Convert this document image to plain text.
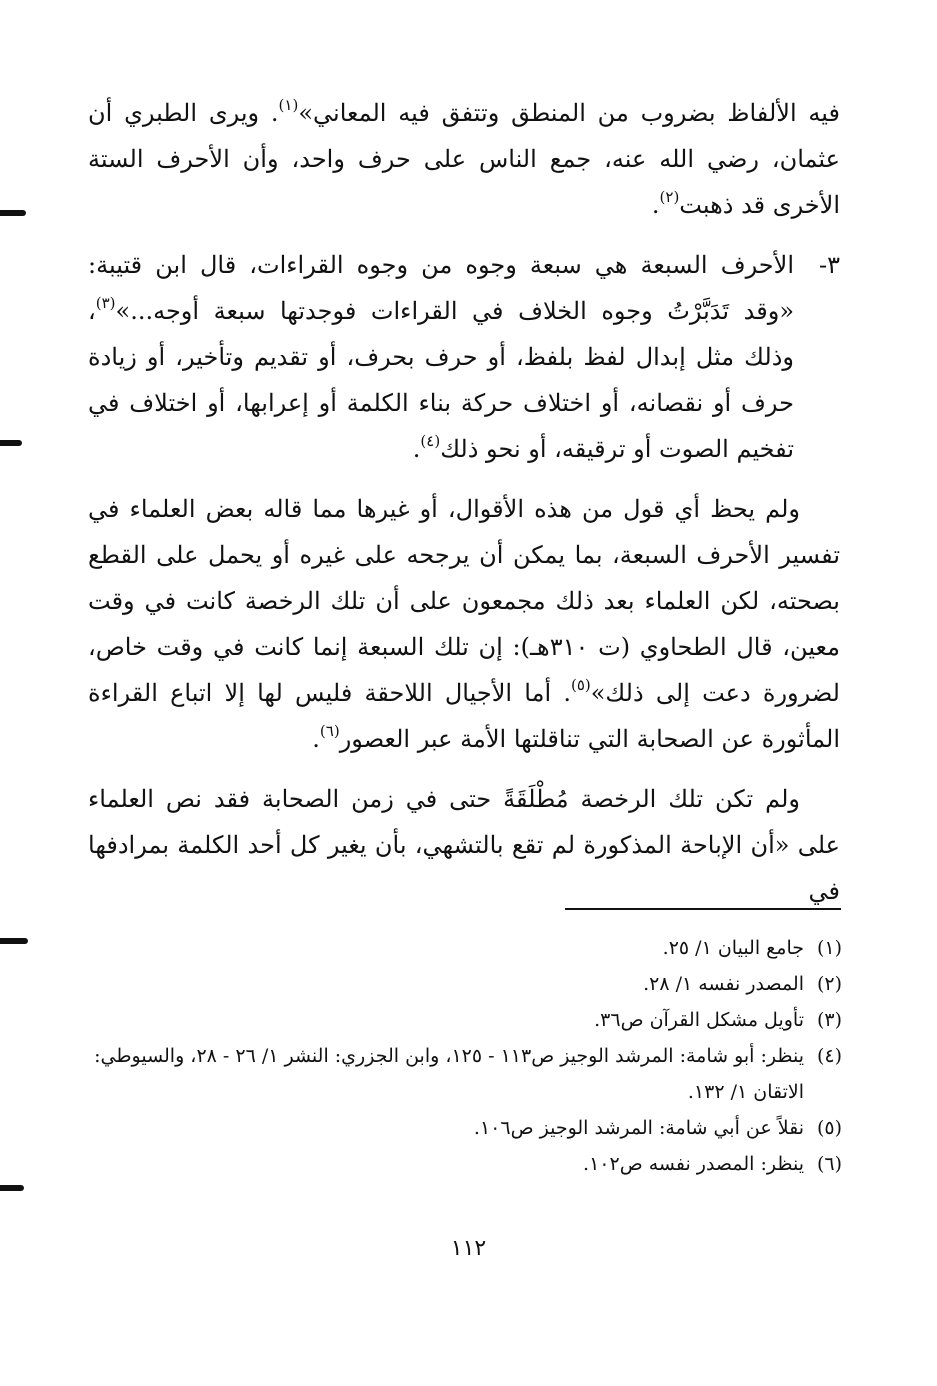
فيه الألفاظ بضروب من المنطق وتتفق فيه المعاني»$^{(١)}$. ويرى الطبري أن عثمان، رضي الله عنه، جمع الناس على حرف واحد، وأن الأحرف الستة الأخرى قد ذهبت$^{(٢)}$.

٣-
الأحرف السبعة هي سبعة وجوه من وجوه القراءات، قال ابن قتيبة: «وقد تَدَبَّرْتُ وجوه الخلاف في القراءات فوجدتها سبعة أوجه...»$^{(٣)}$، وذلك مثل إبدال لفظ بلفظ، أو حرف بحرف، أو تقديم وتأخير، أو زيادة حرف أو نقصانه، أو اختلاف حركة بناء الكلمة أو إعرابها، أو اختلاف في تفخيم الصوت أو ترقيقه، أو نحو ذلك$^{(٤)}$.

ولم يحظ أي قول من هذه الأقوال، أو غيرها مما قاله بعض العلماء في تفسير الأحرف السبعة، بما يمكن أن يرجحه على غيره أو يحمل على القطع بصحته، لكن العلماء بعد ذلك مجمعون على أن تلك الرخصة كانت في وقت معين، قال الطحاوي (ت ٣١٠هـ): إن تلك السبعة إنما كانت في وقت خاص، لضرورة دعت إلى ذلك»$^{(٥)}$. أما الأجيال اللاحقة فليس لها إلا اتباع القراءة المأثورة عن الصحابة التي تناقلتها الأمة عبر العصور$^{(٦)}$.

ولم تكن تلك الرخصة مُطْلَقَةً حتى في زمن الصحابة فقد نص العلماء على «أن الإباحة المذكورة لم تقع بالتشهي، بأن يغير كل أحد الكلمة بمرادفها في

(١)
جامع البيان ١/ ٢٥.
(٢)
المصدر نفسه ١/ ٢٨.
(٣)
تأويل مشكل القرآن ص٣٦.
(٤)
ينظر: أبو شامة: المرشد الوجيز ص١١٣ - ١٢٥، وابن الجزري: النشر ١/ ٢٦ - ٢٨، والسيوطي: الاتقان ١/ ١٣٢.
(٥)
نقلاً عن أبي شامة: المرشد الوجيز ص١٠٦.
(٦)
ينظر: المصدر نفسه ص١٠٢.
١١٢
